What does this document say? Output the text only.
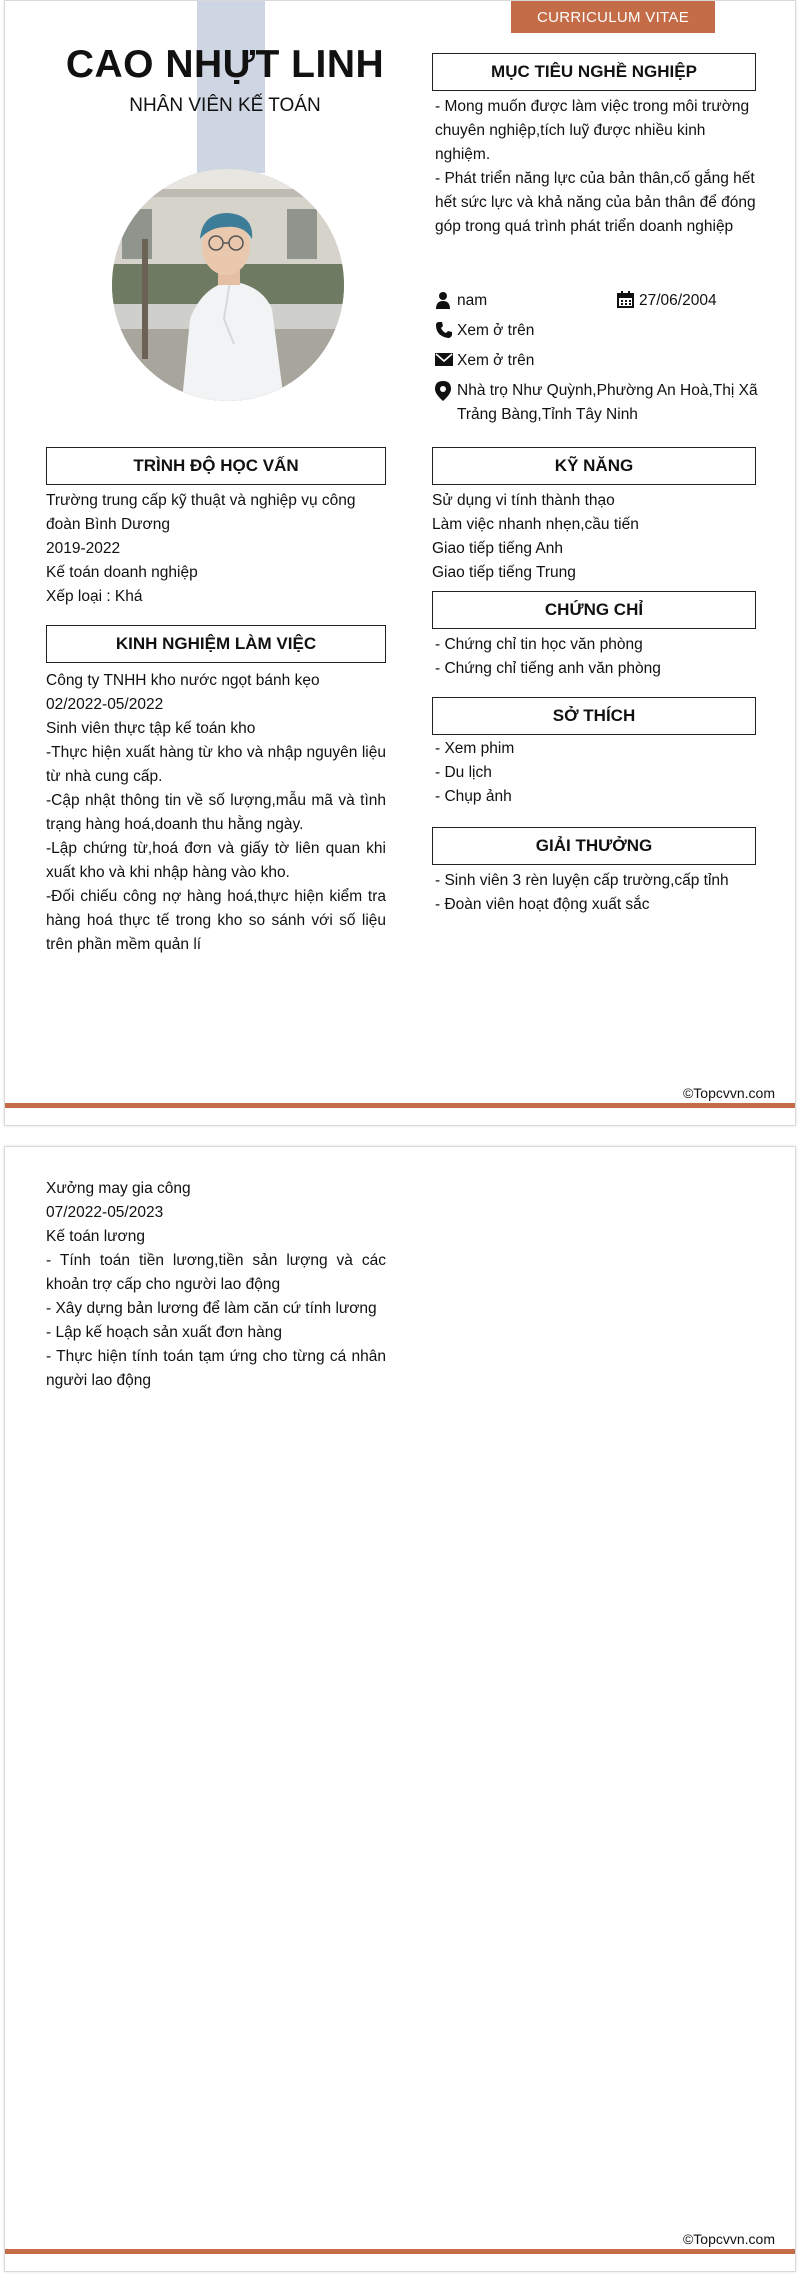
CURRICULUM VITAE
CAO NHỰT LINH
NHÂN VIÊN KẾ TOÁN
MỤC TIÊU NGHỀ NGHIỆP
- Mong muốn được làm việc trong môi trường chuyên nghiệp,tích luỹ được nhiều kinh nghiệm.
- Phát triển năng lực của bản thân,cố gắng hết hết sức lực và khả năng của bản thân để đóng góp trong quá trình phát triển doanh nghiệp
nam	27/06/2004
Xem ở trên
Xem ở trên
Nhà trọ Như Quỳnh,Phường An Hoà,Thị Xã Trảng Bàng,Tỉnh Tây Ninh
TRÌNH ĐỘ HỌC VẤN
Trường trung cấp kỹ thuật và nghiệp vụ công đoàn Bình Dương
2019-2022
Kế toán doanh nghiệp
Xếp loại : Khá
KINH NGHIỆM LÀM VIỆC
Công ty TNHH kho nước ngọt bánh kẹo
02/2022-05/2022
Sinh viên thực tập kế toán kho
-Thực hiện xuất hàng từ kho và nhập nguyên liệu từ nhà cung cấp.
-Cập nhật thông tin về số lượng,mẫu mã và tình trạng hàng hoá,doanh thu hằng ngày.
-Lập chứng từ,hoá đơn và giấy tờ liên quan khi xuất kho và khi nhập hàng vào kho.
-Đối chiếu công nợ hàng hoá,thực hiện kiểm tra hàng hoá thực tế trong kho so sánh với số liệu trên phần mềm quản lí
KỸ NĂNG
Sử dụng vi tính thành thạo
Làm việc nhanh nhẹn,cầu tiến
Giao tiếp tiếng Anh
Giao tiếp tiếng Trung
CHỨNG CHỈ
- Chứng chỉ tin học văn phòng
- Chứng chỉ tiếng anh văn phòng
SỞ THÍCH
- Xem phim
- Du lịch
- Chụp ảnh
GIẢI THƯỞNG
- Sinh viên 3 rèn luyện cấp trường,cấp tỉnh
- Đoàn viên hoạt động xuất sắc
©Topcvvn.com
Xưởng may gia công
07/2022-05/2023
Kế toán lương
- Tính toán tiền lương,tiền sản lượng và các khoản trợ cấp cho người lao động
- Xây dựng bản lương để làm căn cứ tính lương
- Lập kế hoạch sản xuất đơn hàng
- Thực hiện tính toán tạm ứng cho từng cá nhân người lao động
©Topcvvn.com
